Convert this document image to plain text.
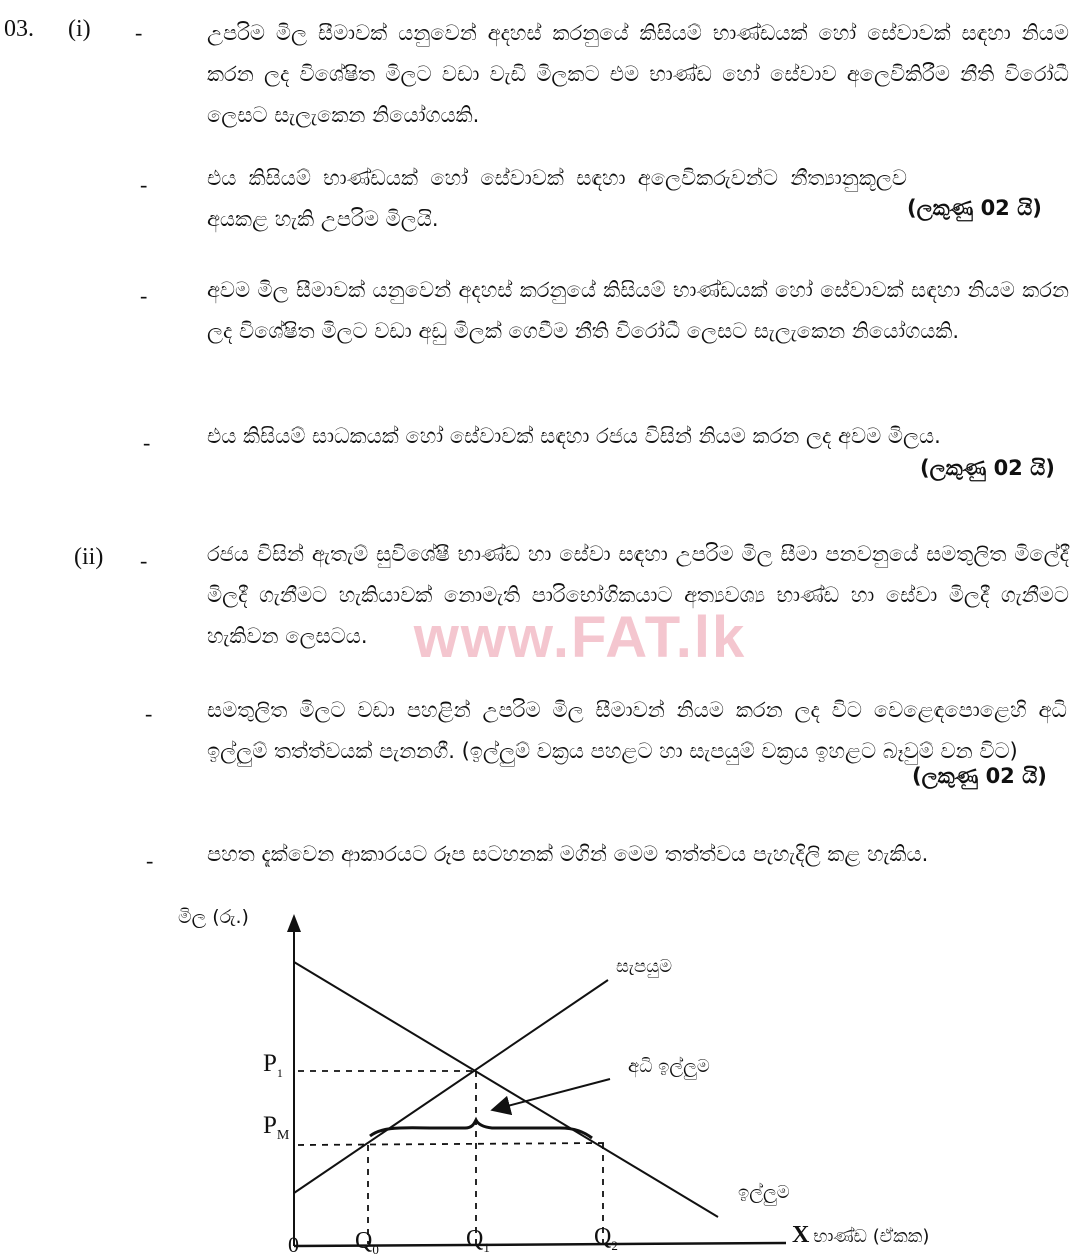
www.FAT.lk
03. (i)
(ii)
-	උපරිම මිල සීමාවක් යනුවෙන් අදහස් කරනුයේ කිසියම් භාණ්ඩයක් හෝ සේවාවක් සඳහා නියම කරන ලද විශේෂිත මිලට වඩා වැඩි මිලකට එම භාණ්ඩ හෝ සේවාව අලෙවිකිරීම නීති විරෝධී ලෙසට සැලැකෙන නියෝගයකි.
-	එය කිසියම් භාණ්ඩයක් හෝ සේවාවක් සඳහා අලෙවිකරුවන්ට නීත්‍යානුකූලව අයකළ හැකි උපරිම මිලයි.	(ලකුණු 02 යි)
-	අවම මිල සීමාවක් යනුවෙන් අදහස් කරනුයේ කිසියම් භාණ්ඩයක් හෝ සේවාවක් සඳහා නියම කරන ලද විශේෂිත මිලට වඩා අඩු මිලක් ගෙවීම නීති විරෝධී ලෙසට සැලැකෙන නියෝගයකි.
-	එය කිසියම් සාධකයක් හෝ සේවාවක් සඳහා රජය විසින් නියම කරන ලද අවම මිලය.
(ලකුණු 02 යි)
-	රජය විසින් ඇතැම් සුවිශේෂී භාණ්ඩ හා සේවා සඳහා උපරිම මිල සීමා පනවනුයේ සමතුලිත මිලේදී මිලදී ගැනීමට හැකියාවක් නොමැති පාරිභෝගිකයාට අත්‍යවශ්‍ය භාණ්ඩ හා සේවා මිලදී ගැනීමට හැකිවන ලෙසටය.
-	සමතුලිත මිලට වඩා පහළින් උපරිම මිල සීමාවන් නියම කරන ලද විට වෙළෙඳපොළෙහි අධි ඉල්ලුම් තත්ත්වයක් පැනනගී. (ඉල්ලුම් වක්‍රය පහළට හා සැපයුම් වක්‍රය ඉහළට බෑවුම් වන විට)
(ලකුණු 02 යි)
-	පහත දැක්වෙන ආකාරයට රූප සටහනක් මගින් මෙම තත්ත්වය පැහැදිලි කළ හැකිය.
මිල (රු.)
$P_1$
$P_M$
0 $Q_0$	$Q_1$	$Q_2$
සැපයුම
අධි ඉල්ලුම
ඉල්ලුම
X භාණ්ඩ (ඒකක)
